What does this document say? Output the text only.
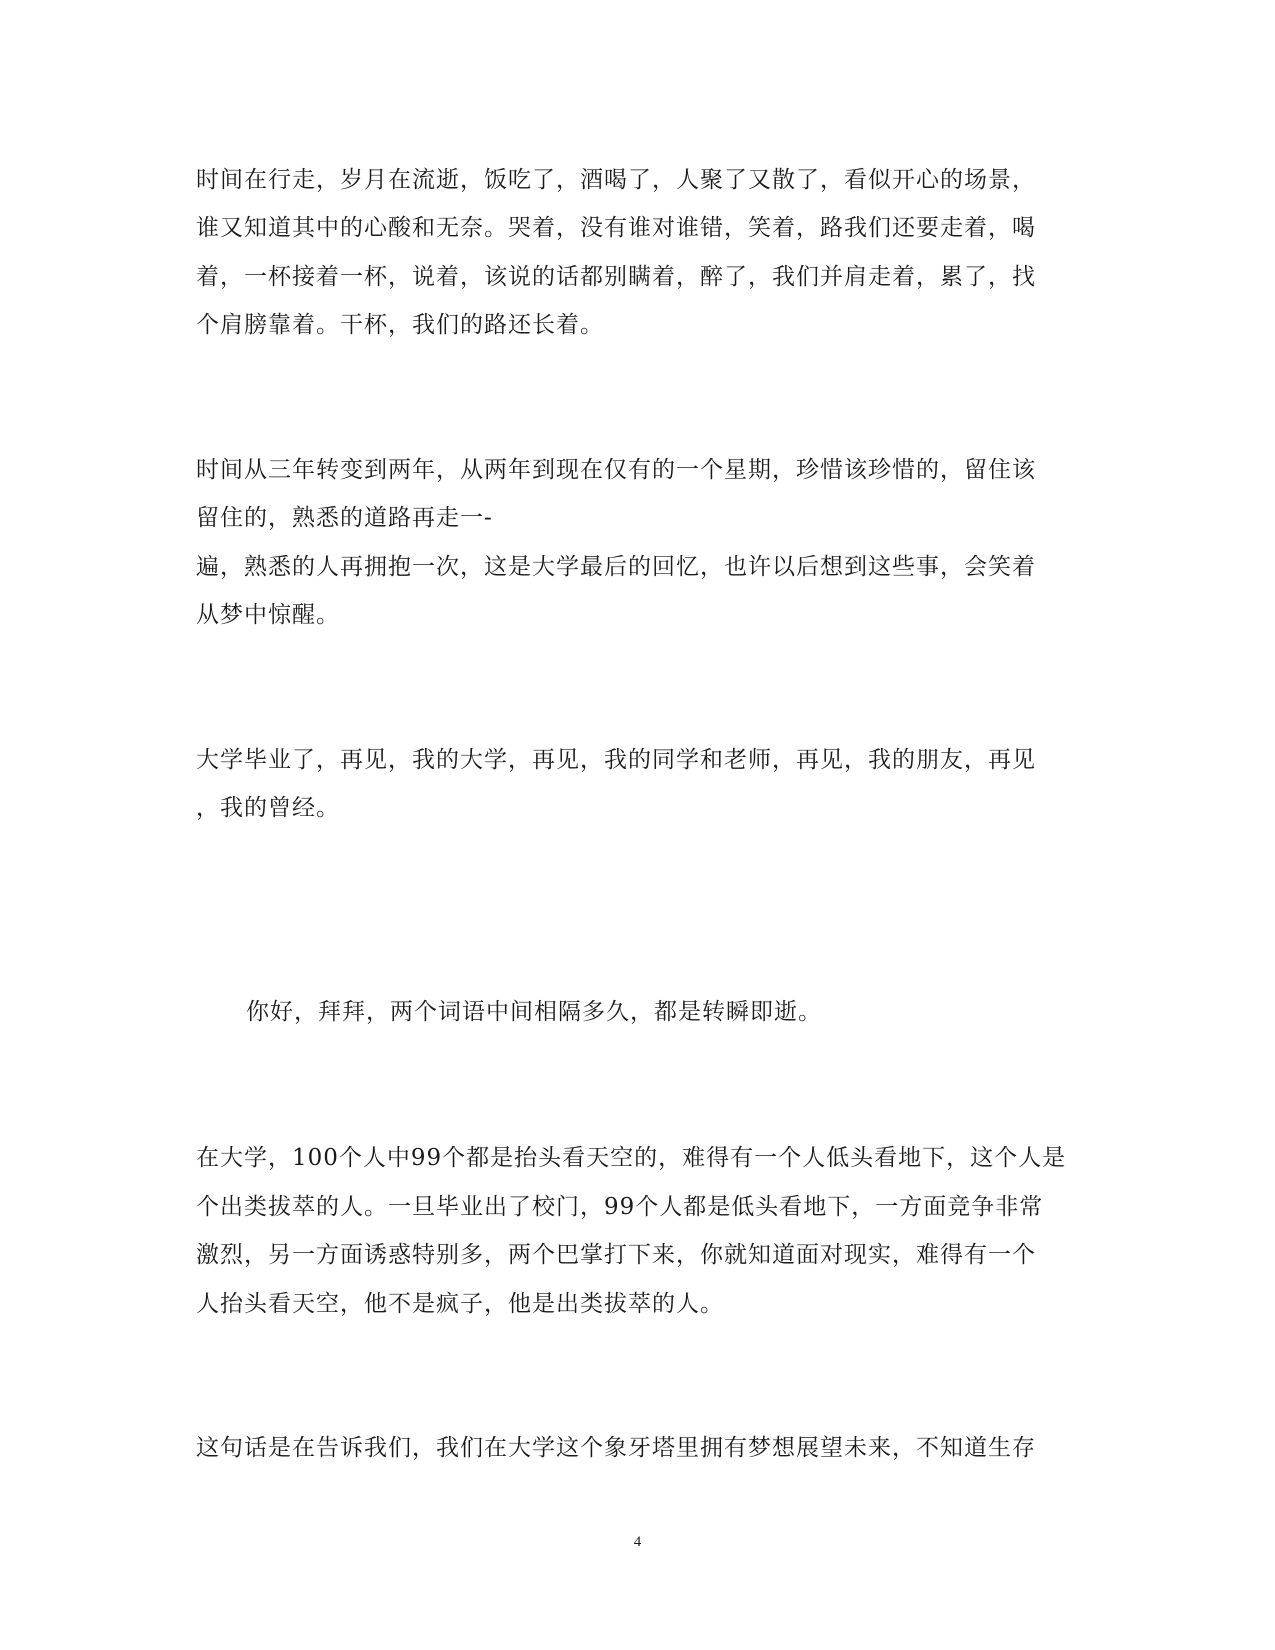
时间在行走，岁月在流逝，饭吃了，酒喝了，人聚了又散了，看似开心的场景，
谁又知道其中的心酸和无奈。哭着，没有谁对谁错，笑着，路我们还要走着，喝
着，一杯接着一杯，说着，该说的话都别瞒着，醉了，我们并肩走着，累了，找
个肩膀靠着。干杯，我们的路还长着。
时间从三年转变到两年，从两年到现在仅有的一个星期，珍惜该珍惜的，留住该
留住的，熟悉的道路再走一-
遍，熟悉的人再拥抱一次，这是大学最后的回忆，也许以后想到这些事，会笑着
从梦中惊醒。
大学毕业了，再见，我的大学，再见，我的同学和老师，再见，我的朋友，再见
，我的曾经。
你好，拜拜，两个词语中间相隔多久，都是转瞬即逝。
在大学，100个人中99个都是抬头看天空的，难得有一个人低头看地下，这个人是
个出类拔萃的人。一旦毕业出了校门，99个人都是低头看地下，一方面竞争非常
激烈，另一方面诱惑特别多，两个巴掌打下来，你就知道面对现实，难得有一个
人抬头看天空，他不是疯子，他是出类拔萃的人。
这句话是在告诉我们，我们在大学这个象牙塔里拥有梦想展望未来，不知道生存
4
